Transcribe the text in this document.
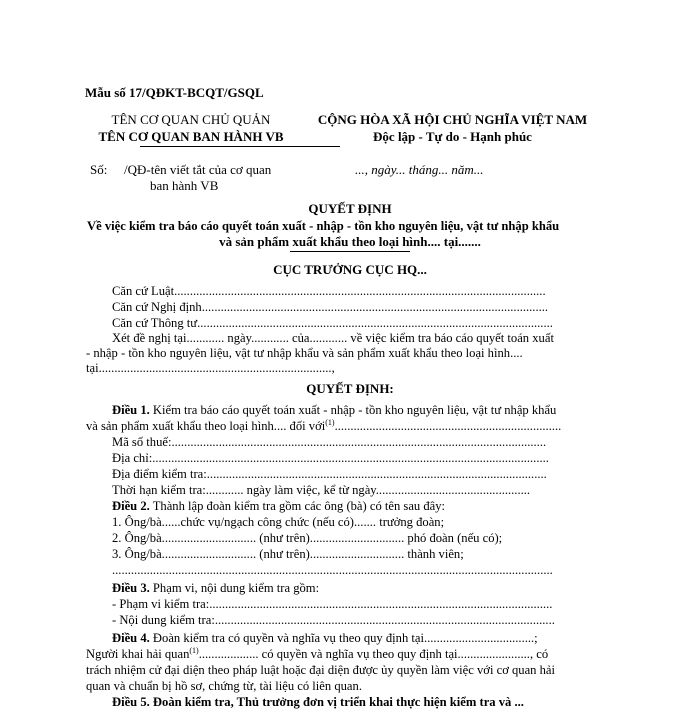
Mẫu số 17/QĐKT-BCQT/GSQL
TÊN CƠ QUAN CHỦ QUẢN
TÊN CƠ QUAN BAN HÀNH VB
CỘNG HÒA XÃ HỘI CHỦ NGHĨA VIỆT NAM
Độc lập - Tự do - Hạnh phúc
Số: /QĐ-tên viết tắt của cơ quan
ban hành VB
..., ngày... tháng... năm...
QUYẾT ĐỊNH
Về việc kiểm tra báo cáo quyết toán xuất - nhập - tồn kho nguyên liệu, vật tư nhập khẩu
và sản phẩm xuất khẩu theo loại hình.... tại.......
CỤC TRƯỞNG CỤC HQ...
Căn cứ Luật......................................................................................................................
Căn cứ Nghị định..............................................................................................................
Căn cứ Thông tư.................................................................................................................
Xét đề nghị tại............ ngày............ của............ về việc kiểm tra báo cáo quyết toán xuất
- nhập - tồn kho nguyên liệu, vật tư nhập khẩu và sản phẩm xuất khẩu theo loại hình....
tại..........................................................................,
QUYẾT ĐỊNH:
Điều 1. Kiểm tra báo cáo quyết toán xuất - nhập - tồn kho nguyên liệu, vật tư nhập khẩu
và sản phẩm xuất khẩu theo loại hình.... đối với$^{(1)}$........................................................................
Mã số thuế:.......................................................................................................................
Địa chỉ:..............................................................................................................................
Địa điểm kiểm tra:............................................................................................................
Thời hạn kiểm tra:............ ngày làm việc, kể từ ngày.................................................
Điều 2. Thành lập đoàn kiểm tra gồm các ông (bà) có tên sau đây:
1. Ông/bà......chức vụ/ngạch công chức (nếu có)....... trưởng đoàn;
2. Ông/bà.............................. (như trên).............................. phó đoàn (nếu có);
3. Ông/bà.............................. (như trên).............................. thành viên;
............................................................................................................................................
Điều 3. Phạm vi, nội dung kiểm tra gồm:
- Phạm vi kiểm tra:.............................................................................................................
- Nội dung kiểm tra:............................................................................................................
Điều 4. Đoàn kiểm tra có quyền và nghĩa vụ theo quy định tại...................................;
Người khai hải quan$^{(1)}$................... có quyền và nghĩa vụ theo quy định tại......................., có
trách nhiệm cử đại diện theo pháp luật hoặc đại diện được ủy quyền làm việc với cơ quan hải
quan và chuẩn bị hồ sơ, chứng từ, tài liệu có liên quan.
Điều 5. Đoàn kiểm tra, Thủ trưởng đơn vị triển khai thực hiện kiểm tra và ...
